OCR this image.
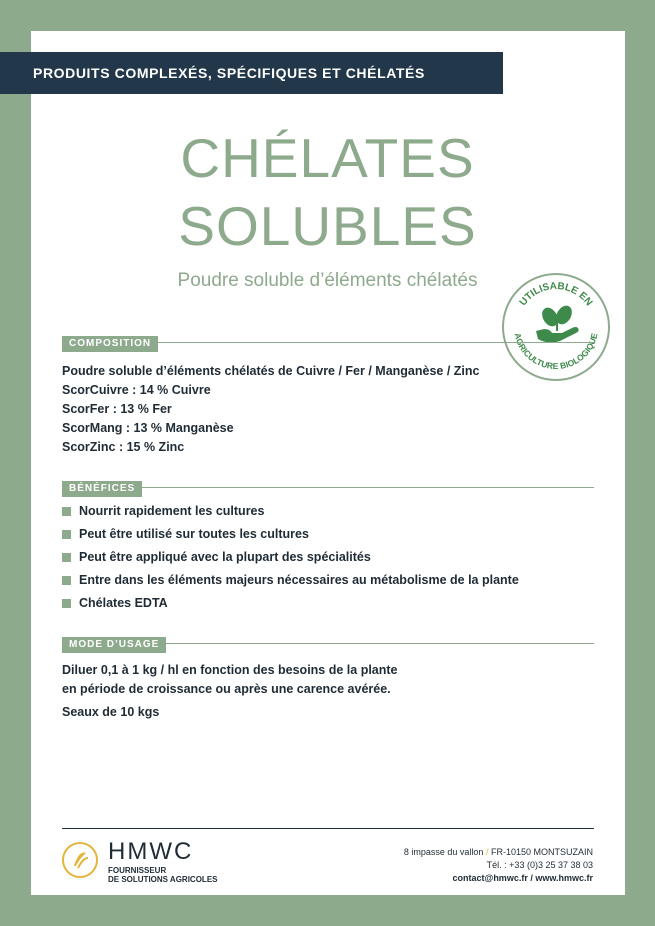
PRODUITS COMPLEXÉS, SPÉCIFIQUES ET CHÉLATÉS
CHÉLATES
SOLUBLES
Poudre soluble d’éléments chélatés
UTILISABLE EN
AGRICULTURE BIOLOGIQUE
COMPOSITION
Poudre soluble d’éléments chélatés de Cuivre / Fer / Manganèse / Zinc
ScorCuivre : 14 % Cuivre
ScorFer : 13 % Fer
ScorMang : 13 % Manganèse
ScorZinc : 15 % Zinc
BÉNÉFICES
Nourrit rapidement les cultures
Peut être utilisé sur toutes les cultures
Peut être appliqué avec la plupart des spécialités
Entre dans les éléments majeurs nécessaires au métabolisme de la plante
Chélates EDTA
MODE D’USAGE
Diluer 0,1 à 1 kg / hl en fonction des besoins de la plante
en période de croissance ou après une carence avérée.
Seaux de 10 kgs
HMWC
FOURNISSEUR
DE SOLUTIONS AGRICOLES
8 impasse du vallon / FR-10150 MONTSUZAIN
Tél. : +33 (0)3 25 37 38 03
contact@hmwc.fr / www.hmwc.fr
